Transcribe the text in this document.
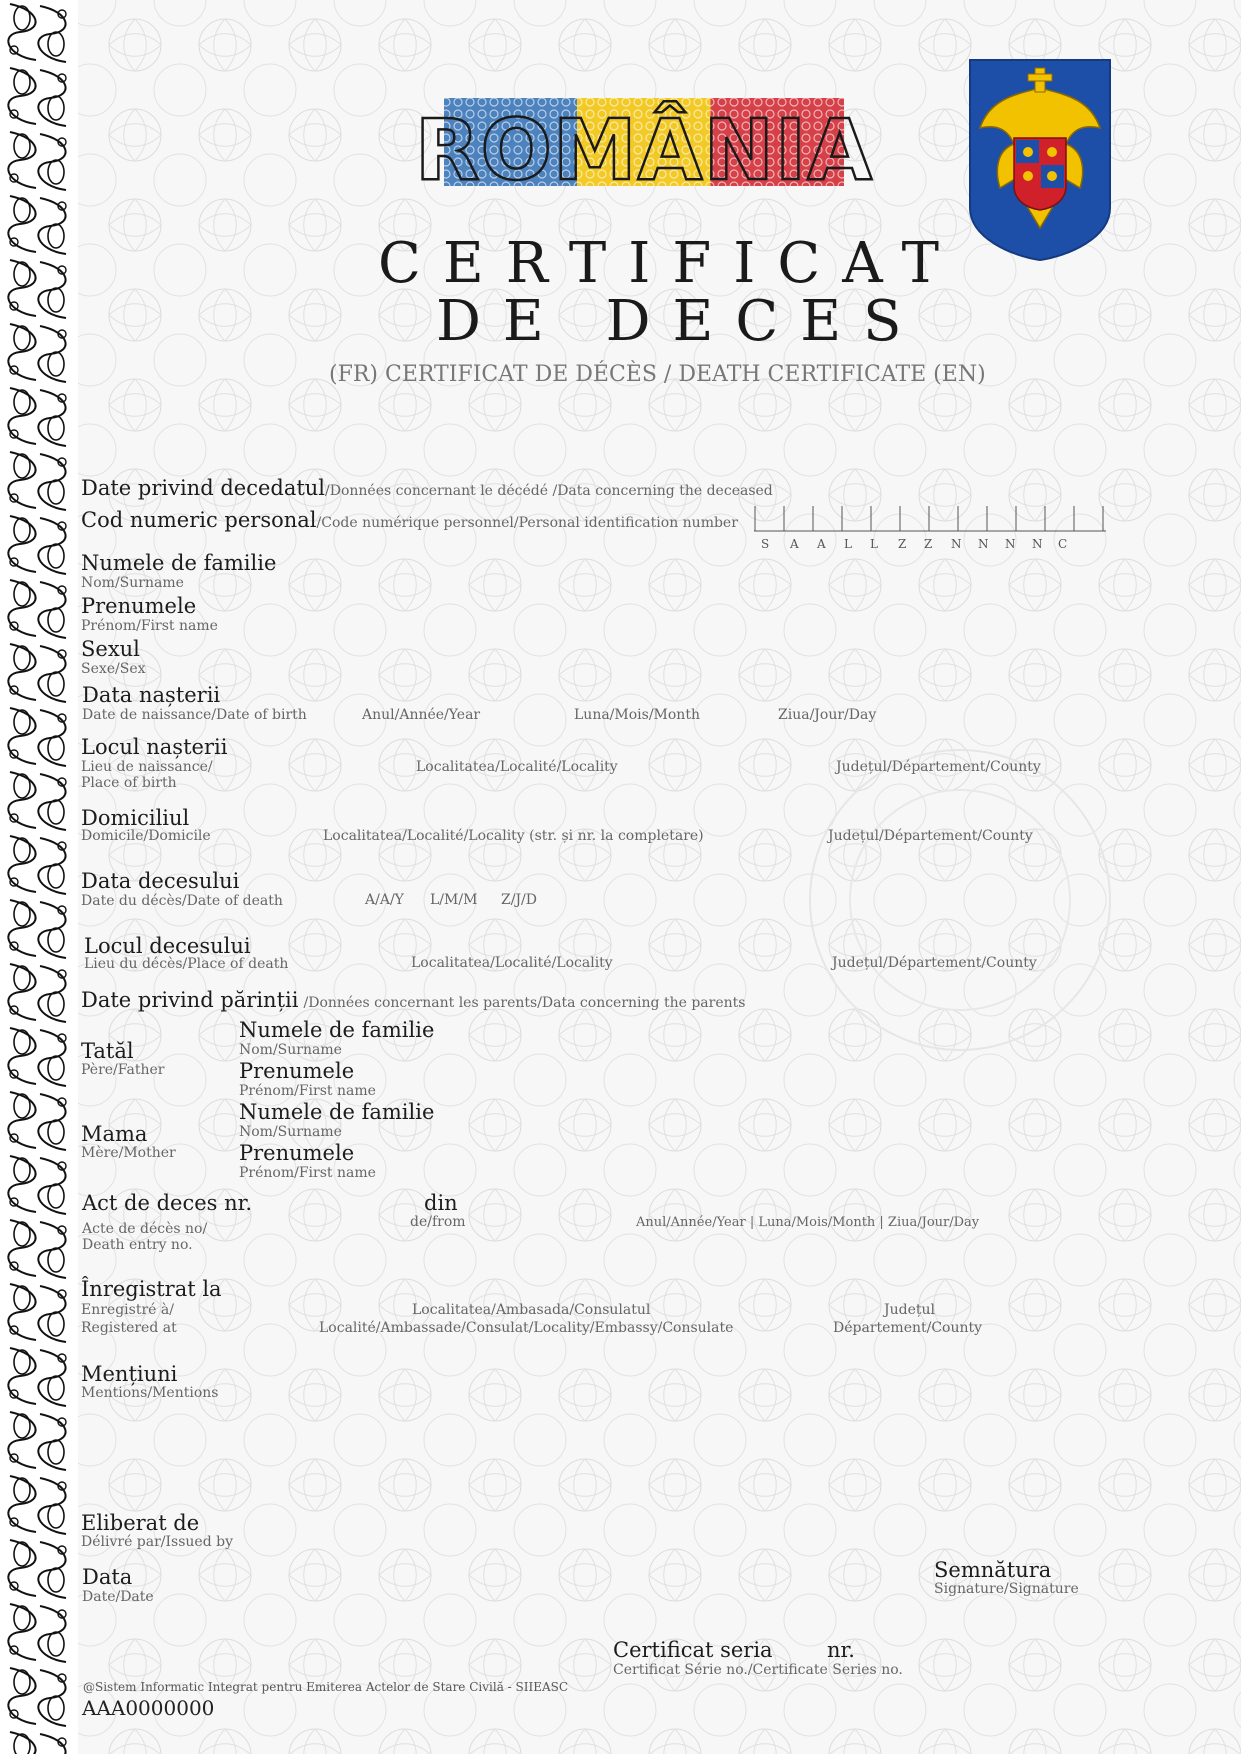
ROMÂNIA
CERTIFICAT
DE DECES
(FR) CERTIFICAT DE DÉCÈS / DEATH CERTIFICATE (EN)
Date privind decedatul/Données concernant le décédé /Data concerning the deceased
Cod numeric personal/Code numérique personnel/Personal identification number
S A A L L Z Z N N N N C
Numele de familie
Nom/Surname
Prenumele
Prénom/First name
Sexul
Sexe/Sex
Data nașterii
Date de naissance/Date of birth	Anul/Année/Year	Luna/Mois/Month	Ziua/Jour/Day
Locul nașterii
Lieu de naissance/
Place of birth
Localitatea/Localité/Locality	Județul/Département/County
Domiciliul
Domicile/Domicile	Localitatea/Localité/Locality (str. și nr. la completare)	Județul/Département/County
Data decesului
Date du décès/Date of death	A/A/Y L/M/M Z/J/D
Locul decesului
Lieu du décès/Place of death	Localitatea/Localité/Locality	Județul/Département/County
Date privind părinții /Données concernant les parents/Data concerning the parents
Tatăl
Père/Father
Numele de familie
Nom/Surname
Prenumele
Prénom/First name
Mama
Mère/Mother
Numele de familie
Nom/Surname
Prenumele
Prénom/First name
Act de deces nr.
Acte de décès no/
Death entry no.
din
de/from	Anul/Année/Year | Luna/Mois/Month | Ziua/Jour/Day
Înregistrat la
Enregistré à/
Registered at
Localitatea/Ambasada/Consulatul
Localité/Ambassade/Consulat/Locality/Embassy/Consulate
Județul
Département/County
Mențiuni
Mentions/Mentions
Eliberat de
Délivré par/Issued by
Data
Date/Date
Semnătura
Signature/Signature
Certificat seria	nr.
Certificat Série no./Certificate Series no.
@Sistem Informatic Integrat pentru Emiterea Actelor de Stare Civilă - SIIEASC
AAA0000000
